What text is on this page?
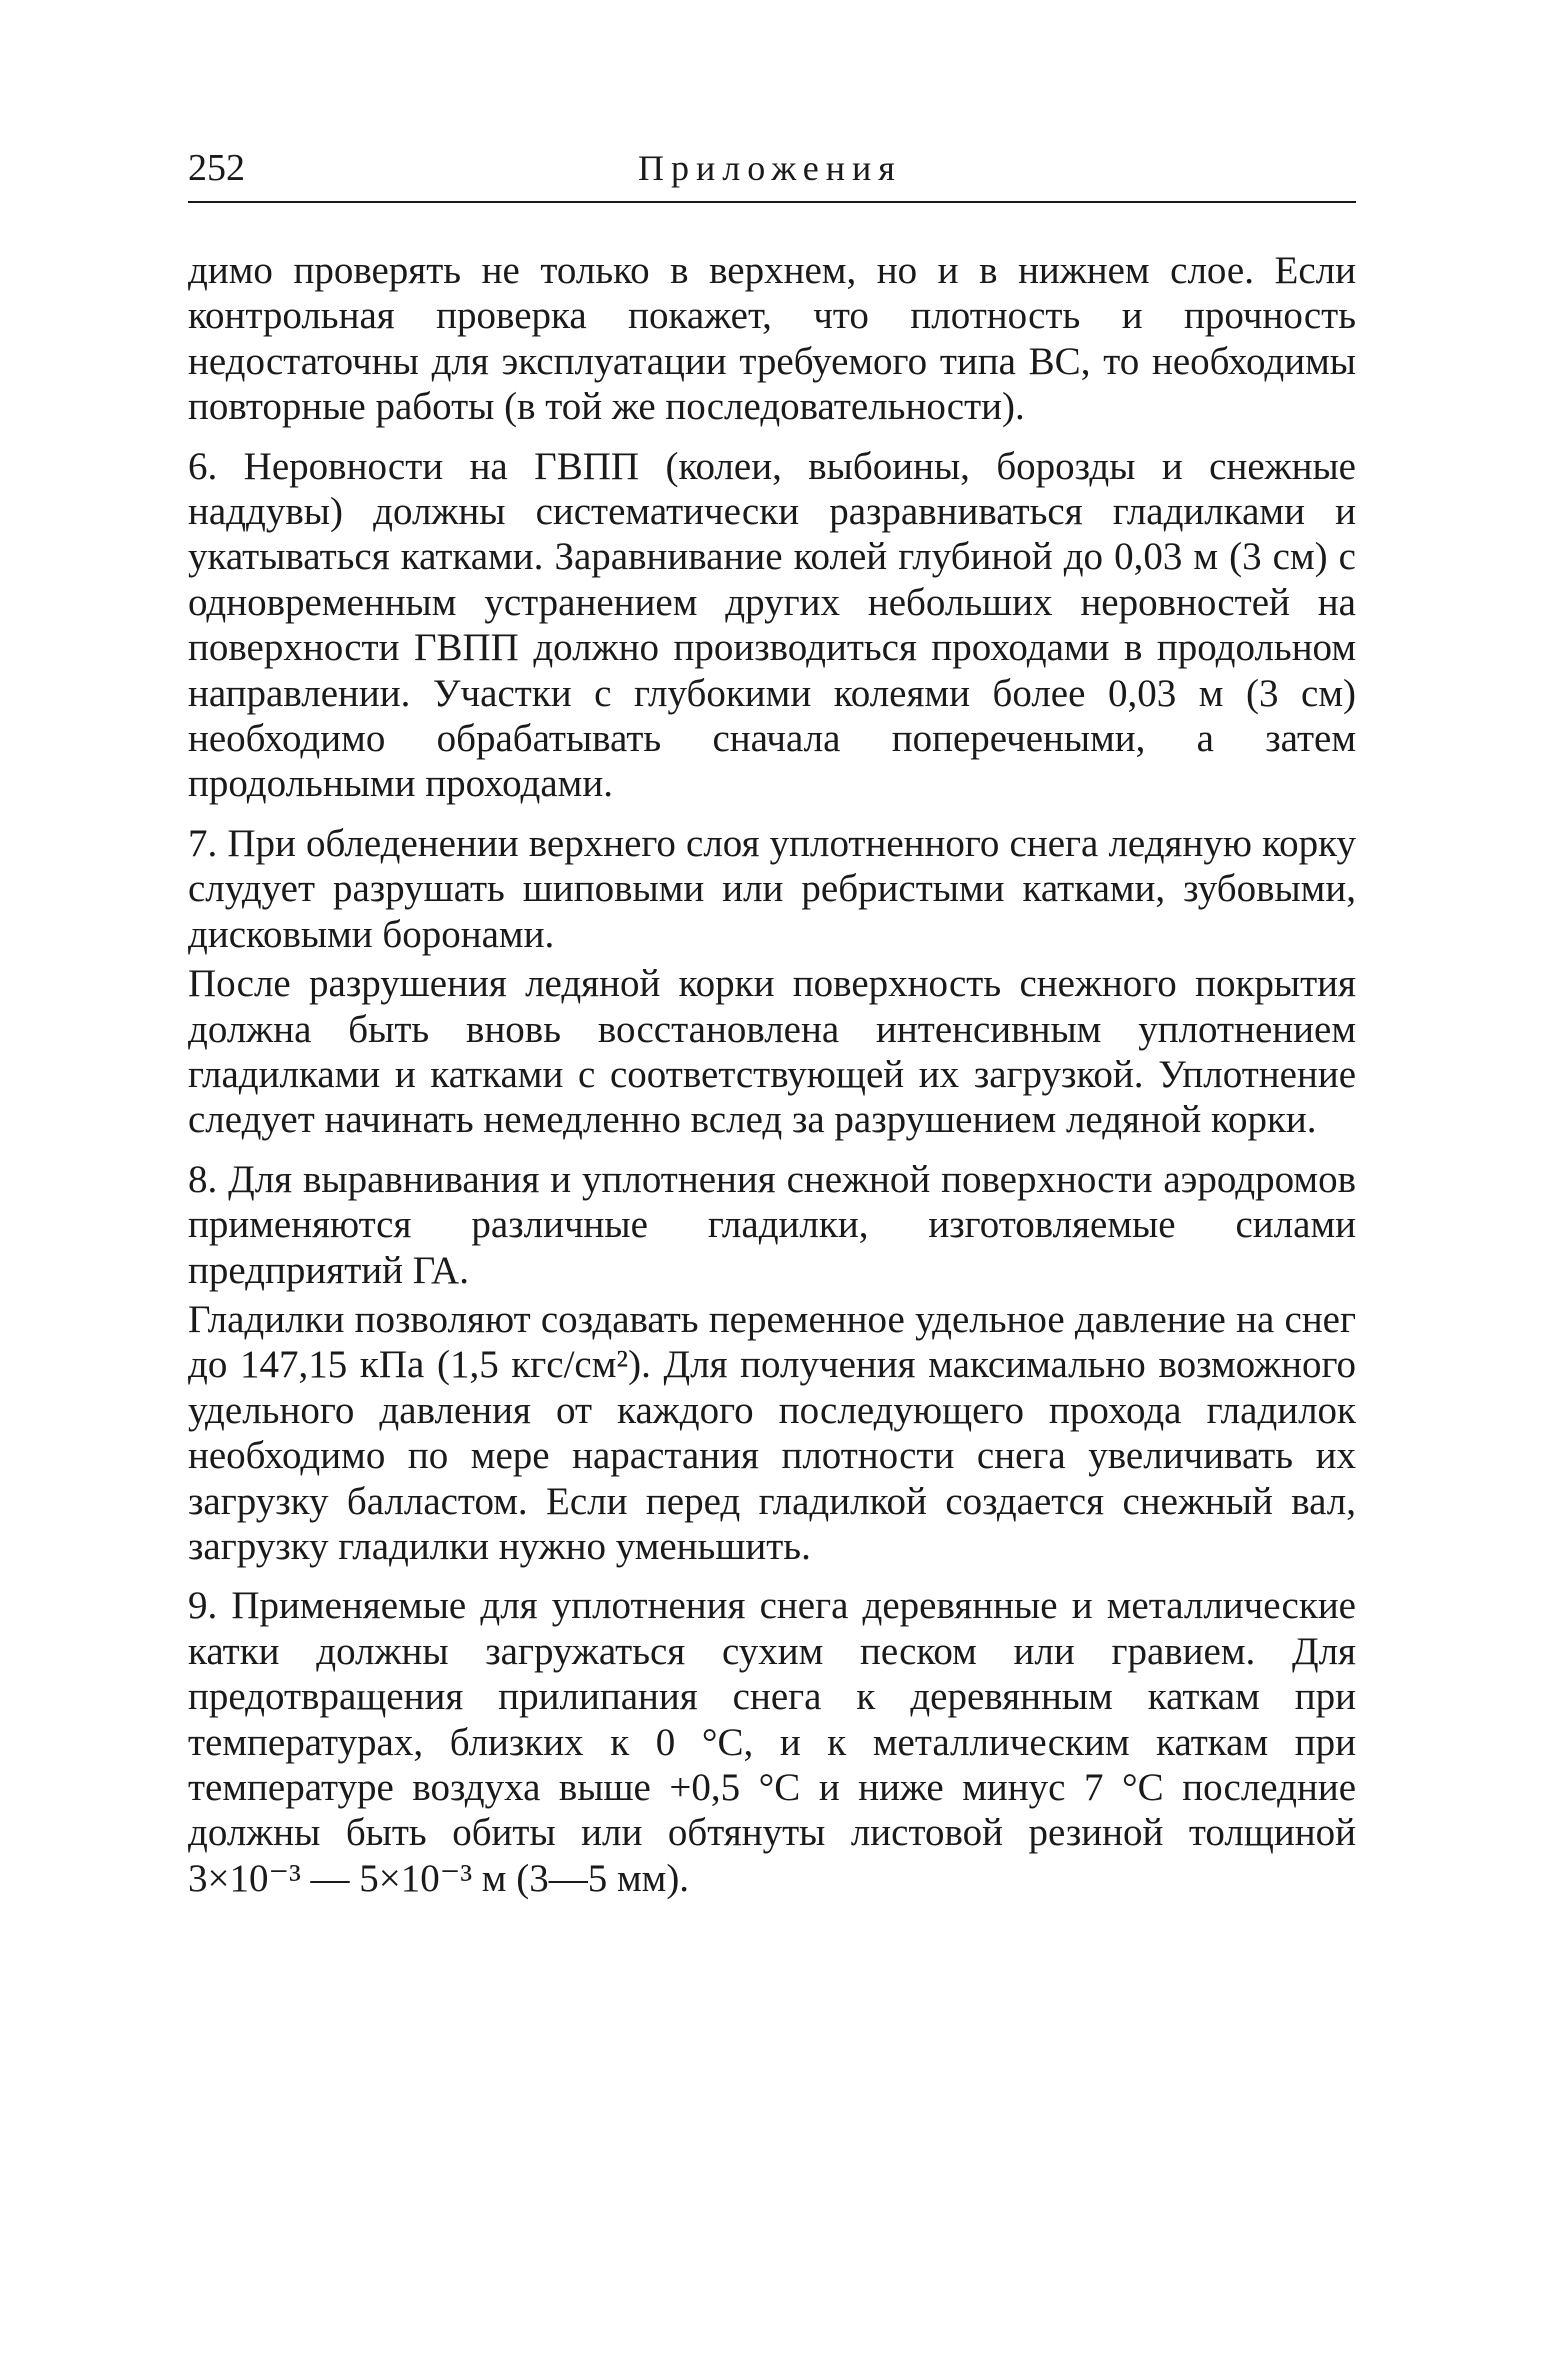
252	Приложения

димо проверять не только в верхнем, но и в нижнем слое. Если контрольная проверка покажет, что плотность и прочность недостаточны для эксплуатации требуемого типа ВС, то необходимы повторные работы (в той же последовательности).

6. Неровности на ГВПП (колеи, выбоины, борозды и снежные наддувы) должны систематически разравниваться гладилками и укатываться катками. Заравнивание колей глубиной до 0,03 м (3 см) с одновременным устранением других небольших неровностей на поверхности ГВПП должно производиться проходами в продольном направлении. Участки с глубокими колеями более 0,03 м (3 см) необходимо обрабатывать сначала поперечеными, а затем продольными проходами.

7. При обледенении верхнего слоя уплотненного снега ледяную корку слудует разрушать шиповыми или ребристыми катками, зубовыми, дисковыми боронами.

После разрушения ледяной корки поверхность снежного покрытия должна быть вновь восстановлена интенсивным уплотнением гладилками и катками с соответствующей их загрузкой. Уплотнение следует начинать немедленно вслед за разрушением ледяной корки.

8. Для выравнивания и уплотнения снежной поверхности аэродромов применяются различные гладилки, изготовляемые силами предприятий ГА.

Гладилки позволяют создавать переменное удельное давление на снег до 147,15 кПа (1,5 кгс/см²). Для получения максимально возможного удельного давления от каждого последующего прохода гладилок необходимо по мере нарастания плотности снега увеличивать их загрузку балластом. Если перед гладилкой создается снежный вал, загрузку гладилки нужно уменьшить.

9. Применяемые для уплотнения снега деревянные и металлические катки должны загружаться сухим песком или гравием. Для предотвращения прилипания снега к деревянным каткам при температурах, близких к 0 °С, и к металлическим каткам при температуре воздуха выше +0,5 °С и ниже минус 7 °С последние должны быть обиты или обтянуты листовой резиной толщиной 3×10⁻³ — 5×10⁻³ м (3—5 мм).
